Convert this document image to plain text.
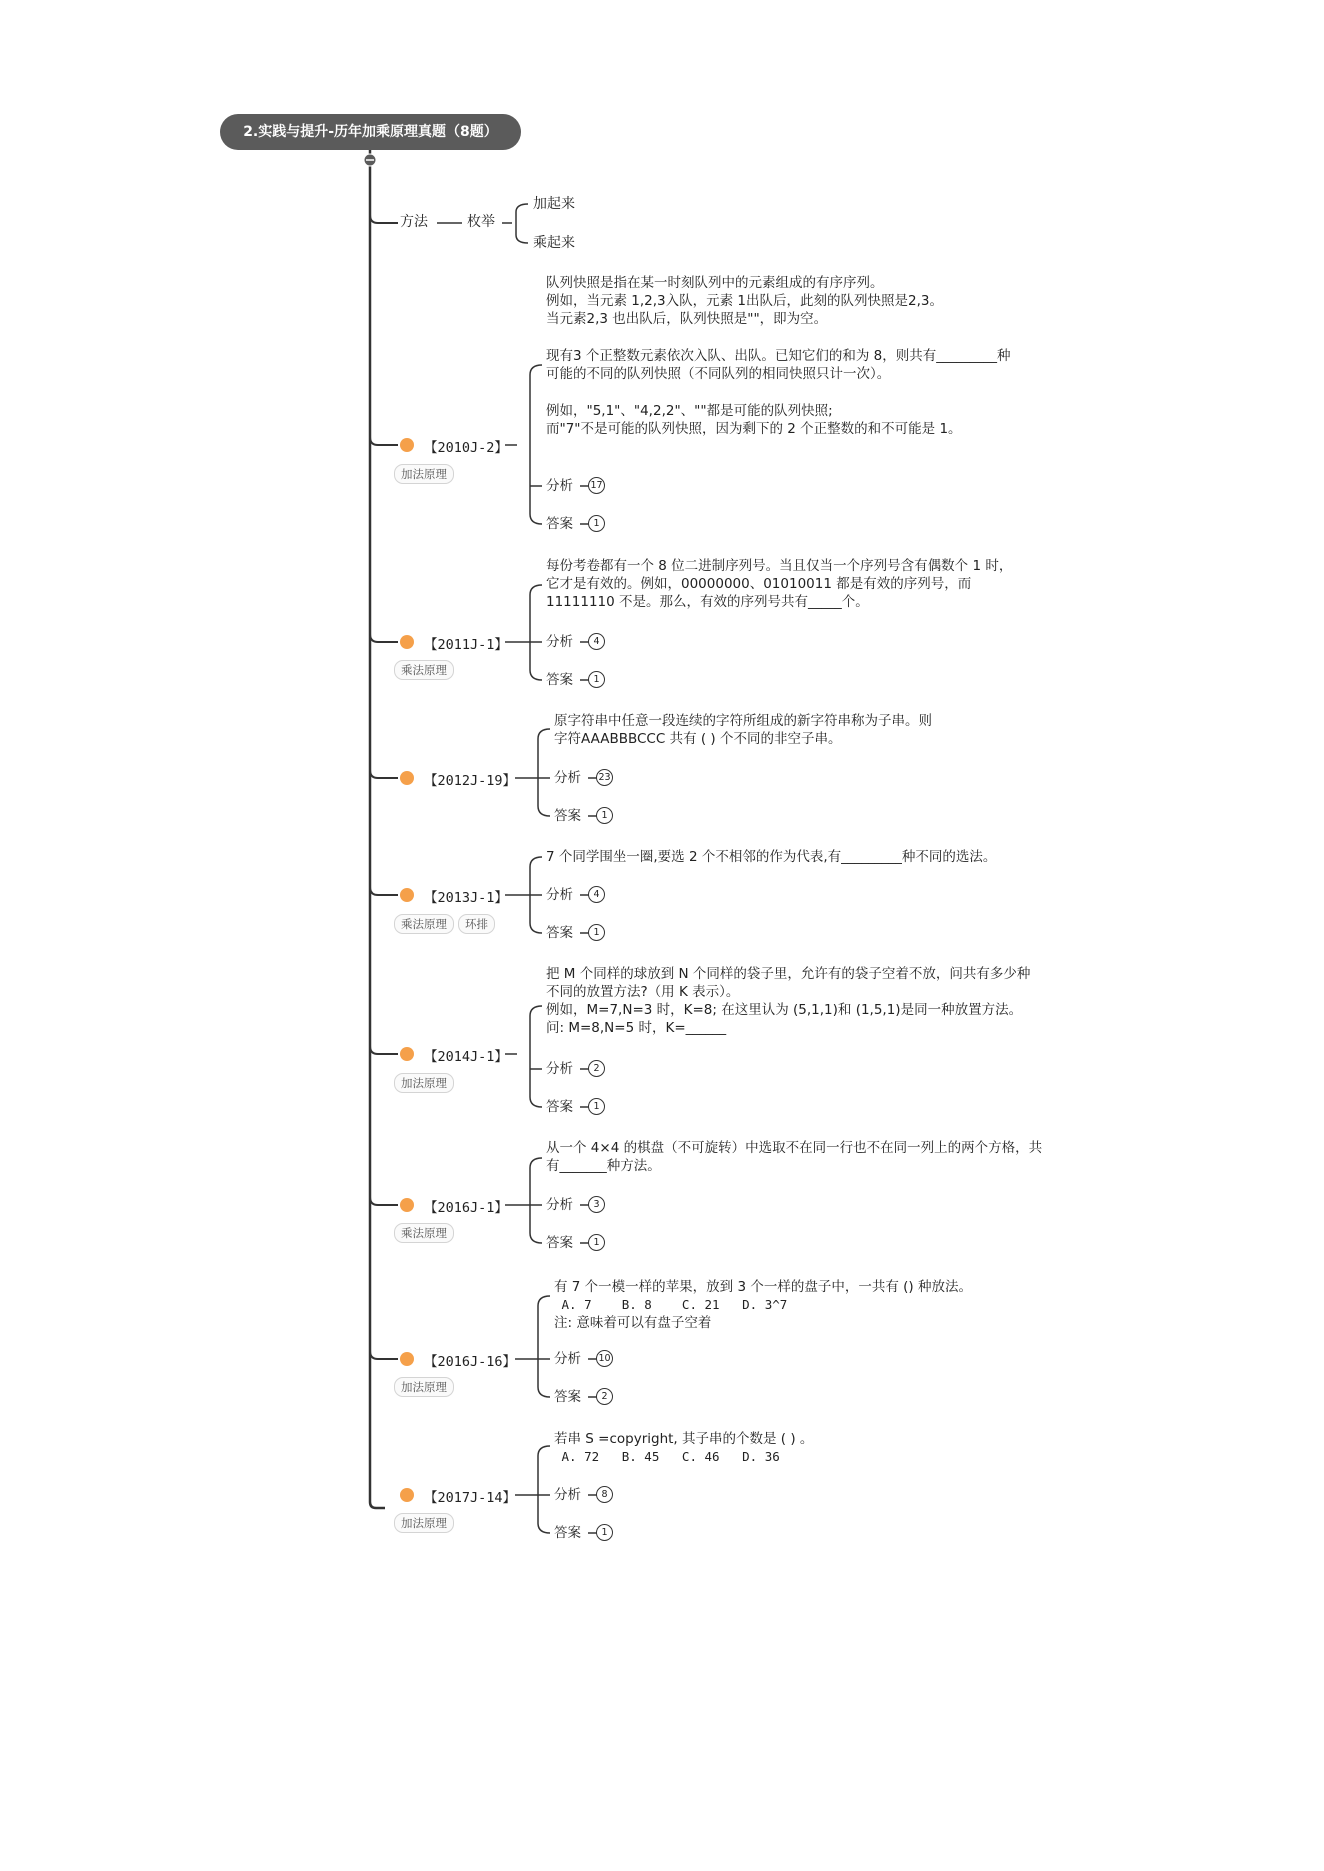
2.实践与提升-历年加乘原理真题（8题）
方法	枚举
加起来
乘起来
【2010J-2】
加法原理
队列快照是指在某一时刻队列中的元素组成的有序序列。
例如，当元素 1,2,3入队，元素 1出队后，此刻的队列快照是2,3。
当元素2,3 也出队后，队列快照是""，即为空。
现有3 个正整数元素依次入队、出队。已知它们的和为 8，则共有_________种
可能的不同的队列快照（不同队列的相同快照只计一次）。
例如，"5,1"、"4,2,2"、""都是可能的队列快照;
而"7"不是可能的队列快照，因为剩下的 2 个正整数的和不可能是 1。
分析 17
答案	1
【2011J-1】
乘法原理
每份考卷都有一个 8 位二进制序列号。当且仅当一个序列号含有偶数个 1 时，
它才是有效的。例如，00000000、01010011 都是有效的序列号，而
11111110 不是。那么，有效的序列号共有_____个。
分析	4
答案	1
【2012J-19】
原字符串中任意一段连续的字符所组成的新字符串称为子串。则
字符AAABBBCCC 共有 ( ) 个不同的非空子串。
分析 23
答案	1
【2013J-1】
乘法原理	环排
7 个同学围坐一圈,要选 2 个不相邻的作为代表,有_________种不同的选法。
分析	4
答案	1
【2014J-1】
加法原理
把 M 个同样的球放到 N 个同样的袋子里，允许有的袋子空着不放，问共有多少种
不同的放置方法?（用 K 表示）。
例如，M=7,N=3 时，K=8; 在这里认为 (5,1,1)和 (1,5,1)是同一种放置方法。
问: M=8,N=5 时，K=______
分析	2
答案	1
【2016J-1】
乘法原理
从一个 4×4 的棋盘（不可旋转）中选取不在同一行也不在同一列上的两个方格，共
有_______种方法。
分析	3
答案	1
【2016J-16】
加法原理
有 7 个一模一样的苹果，放到 3 个一样的盘子中，一共有 () 种放法。
A. 7    B. 8    C. 21   D. 3^7
注: 意味着可以有盘子空着
分析 10
答案	2
【2017J-14】
加法原理
若串 S =copyright, 其子串的个数是 ( ) 。
A. 72   B. 45   C. 46   D. 36
分析	8
答案	1
